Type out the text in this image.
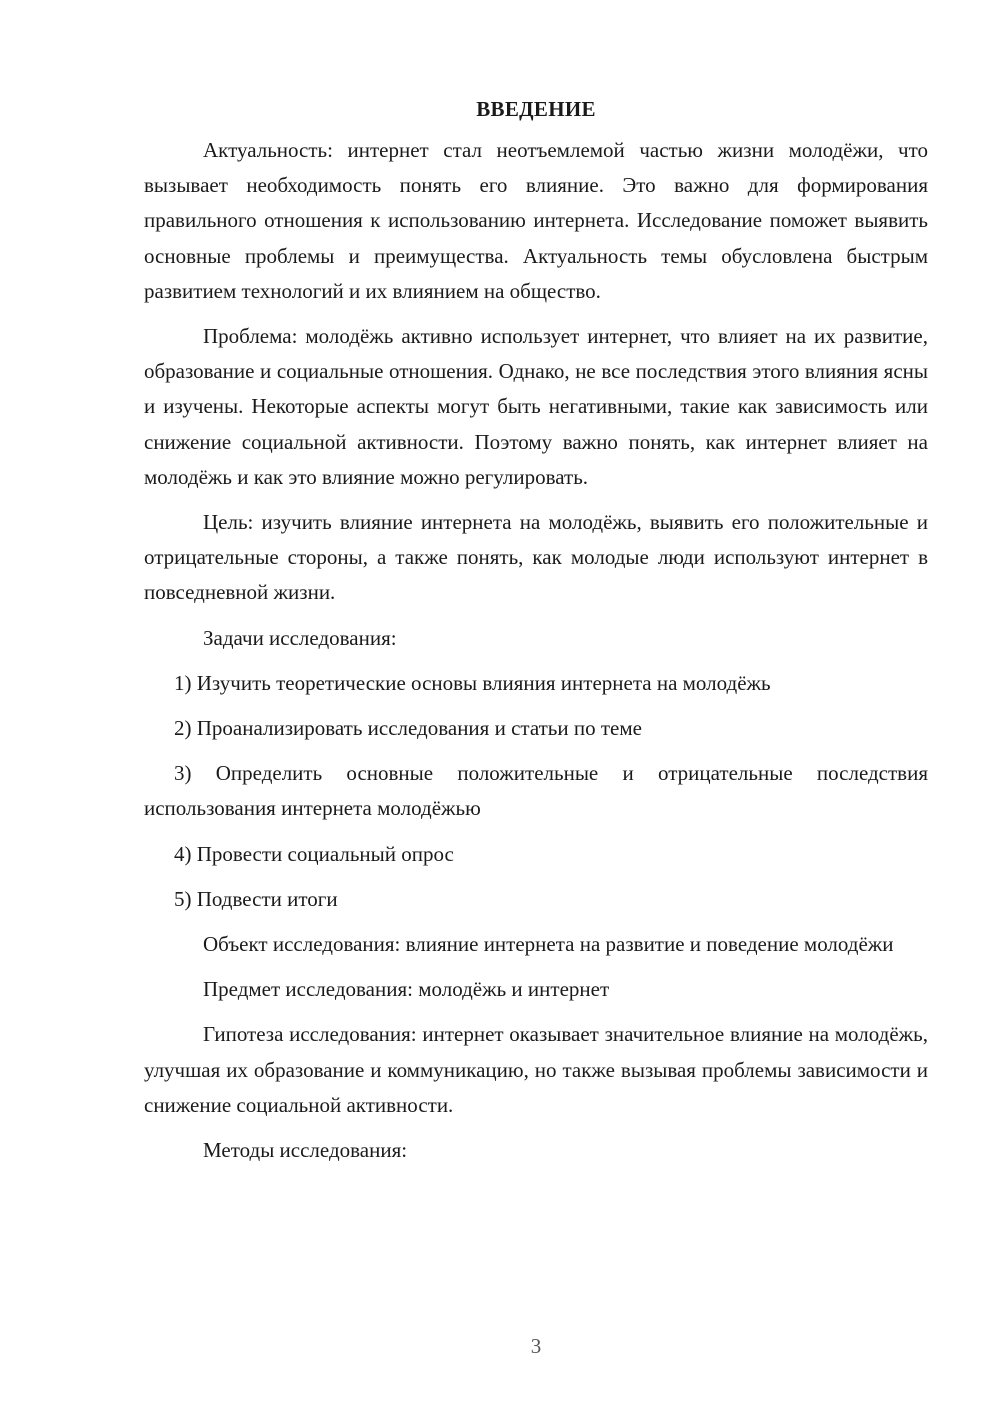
ВВЕДЕНИЕ

Актуальность: интернет стал неотъемлемой частью жизни молодёжи, что вызывает необходимость понять его влияние. Это важно для формирования правильного отношения к использованию интернета. Исследование поможет выявить основные проблемы и преимущества. Актуальность темы обусловлена быстрым развитием технологий и их влиянием на общество.

Проблема: молодёжь активно использует интернет, что влияет на их развитие, образование и социальные отношения. Однако, не все последствия этого влияния ясны и изучены. Некоторые аспекты могут быть негативными, такие как зависимость или снижение социальной активности. Поэтому важно понять, как интернет влияет на молодёжь и как это влияние можно регулировать.

Цель: изучить влияние интернета на молодёжь, выявить его положительные и отрицательные стороны, а также понять, как молодые люди используют интернет в повседневной жизни.

Задачи исследования:

1) Изучить теоретические основы влияния интернета на молодёжь

2) Проанализировать исследования и статьи по теме

3) Определить основные положительные и отрицательные последствия использования интернета молодёжью

4) Провести социальный опрос

5) Подвести итоги

Объект исследования: влияние интернета на развитие и поведение молодёжи

Предмет исследования: молодёжь и интернет

Гипотеза исследования: интернет оказывает значительное влияние на молодёжь, улучшая их образование и коммуникацию, но также вызывая проблемы зависимости и снижение социальной активности.

Методы исследования:

3
